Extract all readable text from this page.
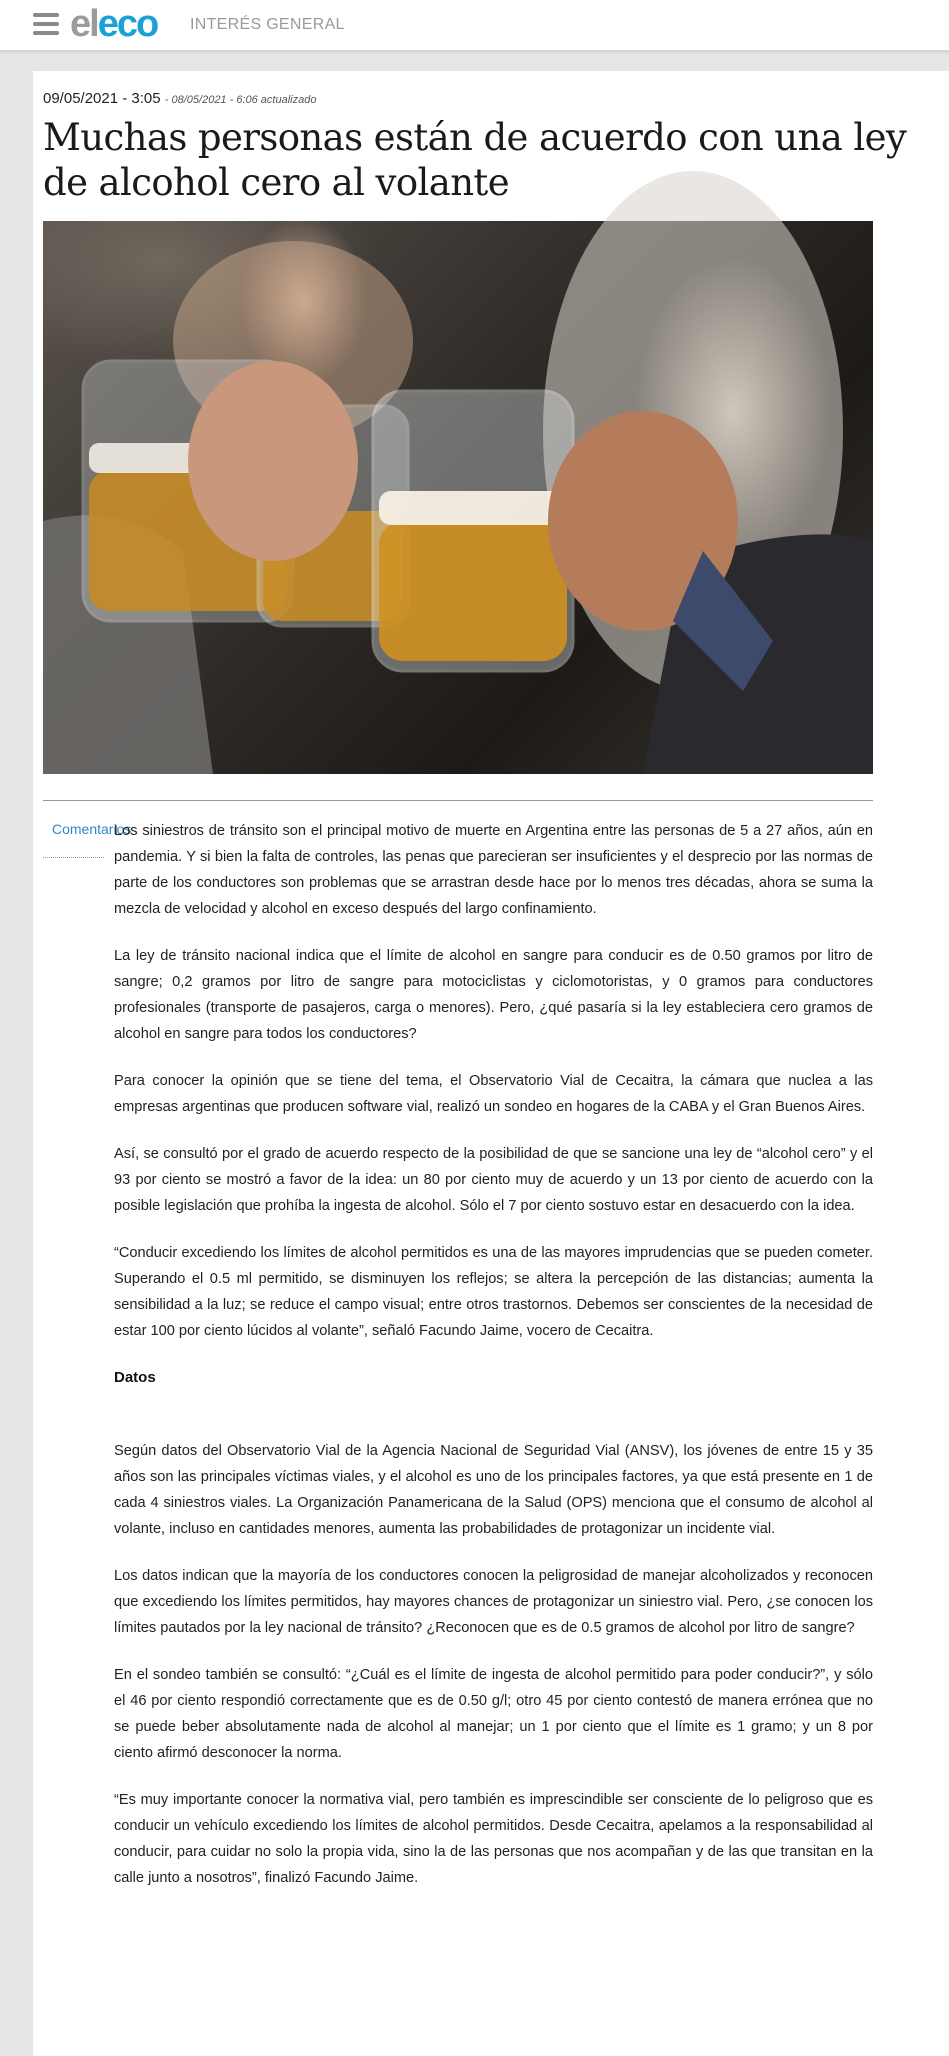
eleco INTERÉS GENERAL
09/05/2021 - 3:05 - 08/05/2021 - 6:06 actualizado
Muchas personas están de acuerdo con una ley de alcohol cero al volante
Comentarios

Los siniestros de tránsito son el principal motivo de muerte en Argentina entre las personas de 5 a 27 años, aún en pandemia. Y si bien la falta de controles, las penas que parecieran ser insuficientes y el desprecio por las normas de parte de los conductores son problemas que se arrastran desde hace por lo menos tres décadas, ahora se suma la mezcla de velocidad y alcohol en exceso después del largo confinamiento.

La ley de tránsito nacional indica que el límite de alcohol en sangre para conducir es de 0.50 gramos por litro de sangre; 0,2 gramos por litro de sangre para motociclistas y ciclomotoristas, y 0 gramos para conductores profesionales (transporte de pasajeros, carga o menores). Pero, ¿qué pasaría si la ley estableciera cero gramos de alcohol en sangre para todos los conductores?

Para conocer la opinión que se tiene del tema, el Observatorio Vial de Cecaitra, la cámara que nuclea a las empresas argentinas que producen software vial, realizó un sondeo en hogares de la CABA y el Gran Buenos Aires.

Así, se consultó por el grado de acuerdo respecto de la posibilidad de que se sancione una ley de “alcohol cero” y el 93 por ciento se mostró a favor de la idea: un 80 por ciento muy de acuerdo y un 13 por ciento de acuerdo con la posible legislación que prohíba la ingesta de alcohol. Sólo el 7 por ciento sostuvo estar en desacuerdo con la idea.

“Conducir excediendo los límites de alcohol permitidos es una de las mayores imprudencias que se pueden cometer. Superando el 0.5 ml permitido, se disminuyen los reflejos; se altera la percepción de las distancias; aumenta la sensibilidad a la luz; se reduce el campo visual; entre otros trastornos. Debemos ser conscientes de la necesidad de estar 100 por ciento lúcidos al volante”, señaló Facundo Jaime, vocero de Cecaitra.

Datos

Según datos del Observatorio Vial de la Agencia Nacional de Seguridad Vial (ANSV), los jóvenes de entre 15 y 35 años son las principales víctimas viales, y el alcohol es uno de los principales factores, ya que está presente en 1 de cada 4 siniestros viales. La Organización Panamericana de la Salud (OPS) menciona que el consumo de alcohol al volante, incluso en cantidades menores, aumenta las probabilidades de protagonizar un incidente vial.

Los datos indican que la mayoría de los conductores conocen la peligrosidad de manejar alcoholizados y reconocen que excediendo los límites permitidos, hay mayores chances de protagonizar un siniestro vial. Pero, ¿se conocen los límites pautados por la ley nacional de tránsito? ¿Reconocen que es de 0.5 gramos de alcohol por litro de sangre?

En el sondeo también se consultó: “¿Cuál es el límite de ingesta de alcohol permitido para poder conducir?”, y sólo el 46 por ciento respondió correctamente que es de 0.50 g/l; otro 45 por ciento contestó de manera errónea que no se puede beber absolutamente nada de alcohol al manejar; un 1 por ciento que el límite es 1 gramo; y un 8 por ciento afirmó desconocer la norma.

“Es muy importante conocer la normativa vial, pero también es imprescindible ser consciente de lo peligroso que es conducir un vehículo excediendo los límites de alcohol permitidos. Desde Cecaitra, apelamos a la responsabilidad al conducir, para cuidar no solo la propia vida, sino la de las personas que nos acompañan y de las que transitan en la calle junto a nosotros”, finalizó Facundo Jaime.
